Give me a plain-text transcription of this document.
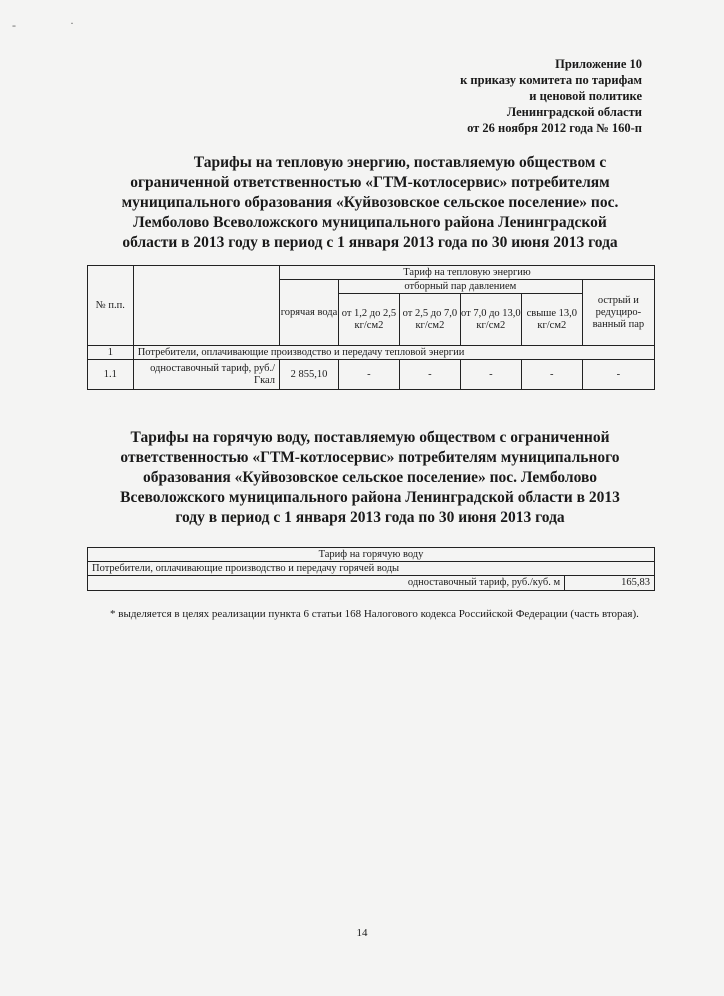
-	·
Приложение 10
к приказу комитета по тарифам
и ценовой политике
Ленинградской области
от 26 ноября 2012 года № 160-п
Тарифы на тепловую энергию, поставляемую обществом с
ограниченной ответственностью «ГТМ-котлосервис» потребителям
муниципального образования «Куйвозовское сельское поселение» пос.
Лемболово Всеволожского муниципального района Ленинградской
области в 2013 году в период с 1 января 2013 года по 30 июня 2013 года
№ п.п.		Тариф на тепловую энергию					
		горячая вода	отборный пар давлением				острый и редуциро-ванный пар
			от 1,2 до 2,5 кг/см2	от 2,5 до 7,0 кг/см2	от 7,0 до 13,0 кг/см2	свыше 13,0 кг/см2	
1	Потребители, оплачивающие производство и передачу тепловой энергии						
1.1	одноставочный тариф, руб./Гкал	2 855,10	-	-	-	-	-
Тарифы на горячую воду, поставляемую обществом с ограниченной
ответственностью «ГТМ-котлосервис» потребителям муниципального
образования «Куйвозовское сельское поселение» пос. Лемболово
Всеволожского муниципального района Ленинградской области в 2013
году в период с 1 января 2013 года по 30 июня 2013 года
Тариф на горячую воду
Потребители, оплачивающие производство и передачу горячей воды
одноставочный тариф, руб./куб. м	165,83
* выделяется в целях реализации пункта 6 статьи 168 Налогового кодекса Российской Федерации (часть вторая).
14
